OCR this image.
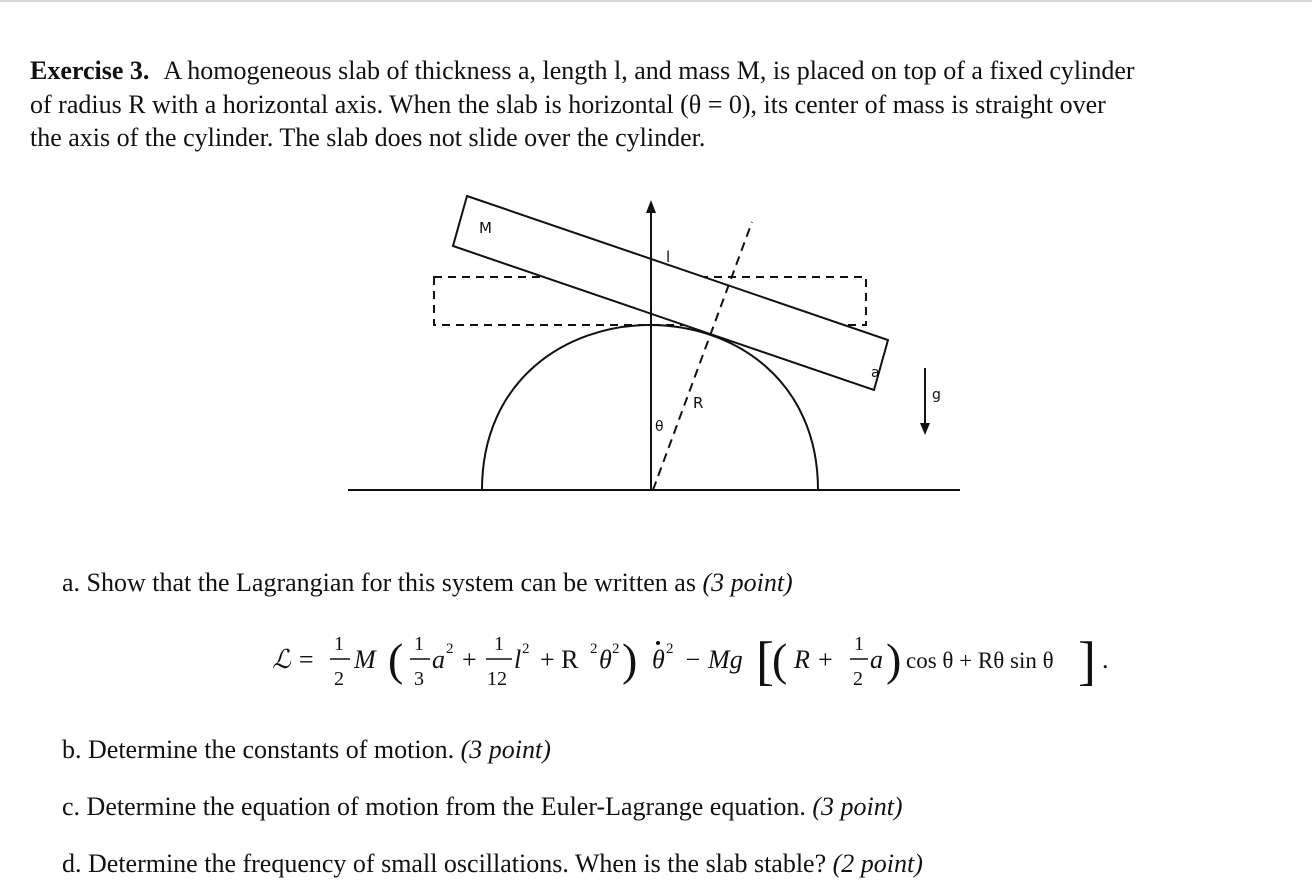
Exercise 3. A homogeneous slab of thickness a, length l, and mass M, is placed on top of a fixed cylinder
of radius R with a horizontal axis. When the slab is horizontal (θ = 0), its center of mass is straight over
the axis of the cylinder. The slab does not slide over the cylinder.
M
l
a
R
θ
g
a. Show that the Lagrangian for this system can be written as (3 point)
ℒ =
1
2
M ( 1
3
a 2 +
1
12
l 2 + R 2 θ 2 ) θ 2 − Mg [
( R +
1
2
a ) cos θ + Rθ sin θ ] .
b. Determine the constants of motion. (3 point)
c. Determine the equation of motion from the Euler-Lagrange equation. (3 point)
d. Determine the frequency of small oscillations. When is the slab stable? (2 point)
